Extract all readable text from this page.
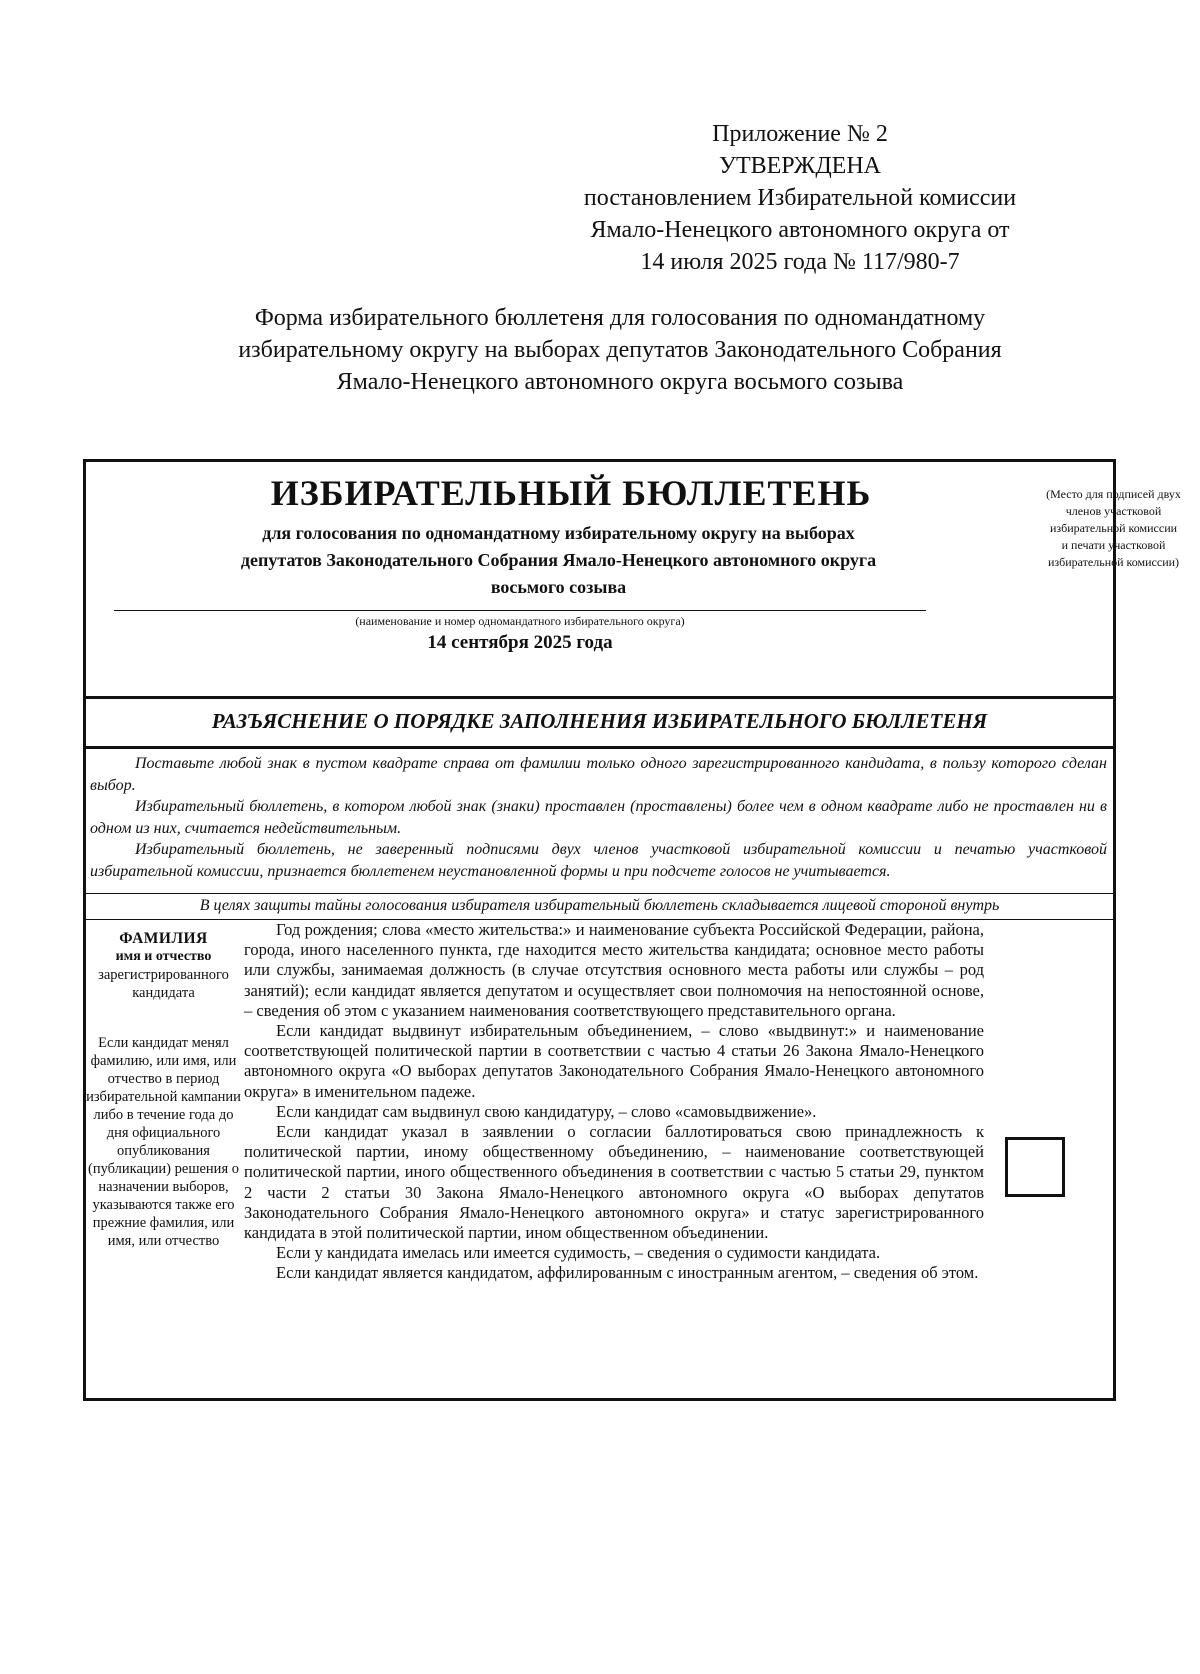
Приложение № 2
УТВЕРЖДЕНА
постановлением Избирательной комиссии
Ямало-Ненецкого автономного округа от
14 июля 2025 года № 117/980-7
Форма избирательного бюллетеня для голосования по одномандатному
избирательному округу на выборах депутатов Законодательного Собрания
Ямало-Ненецкого автономного округа восьмого созыва
ИЗБИРАТЕЛЬНЫЙ БЮЛЛЕТЕНЬ
для голосования по одномандатному избирательному округу на выборах
депутатов Законодательного Собрания Ямало-Ненецкого автономного округа
восьмого созыва
(Место для подписей двух
членов участковой
избирательной комиссии
и печати участковой
избирательной комиссии)
(наименование и номер одномандатного избирательного округа)
14 сентября 2025 года
РАЗЪЯСНЕНИЕ О ПОРЯДКЕ ЗАПОЛНЕНИЯ ИЗБИРАТЕЛЬНОГО БЮЛЛЕТЕНЯ

Поставьте любой знак в пустом квадрате справа от фамилии только одного зарегистрированного кандидата, в пользу которого сделан выбор.

Избирательный бюллетень, в котором любой знак (знаки) проставлен (проставлены) более чем в одном квадрате либо не проставлен ни в одном из них, считается недействительным.

Избирательный бюллетень, не заверенный подписями двух членов участковой избирательной комиссии и печатью участковой избирательной комиссии, признается бюллетенем неустановленной формы и при подсчете голосов не учитывается.

В целях защиты тайны голосования избирателя избирательный бюллетень складывается лицевой стороной внутрь
ФАМИЛИЯ
имя и отчество
зарегистрированного кандидата
Если кандидат менял фамилию, или имя, или отчество в период избирательной кампании либо в течение года до дня официального опубликования (публикации) решения о назначении выборов, указываются также его прежние фамилия, или имя, или отчество

Год рождения; слова «место жительства:» и наименование субъекта Российской Федерации, района, города, иного населенного пункта, где находится место жительства кандидата; основное место работы или службы, занимаемая должность (в случае отсутствия основного места работы или службы – род занятий); если кандидат является депутатом и осуществляет свои полномочия на непостоянной основе, – сведения об этом с указанием наименования соответствующего представительного органа.

Если кандидат выдвинут избирательным объединением, – слово «выдвинут:» и наименование соответствующей политической партии в соответствии с частью 4 статьи 26 Закона Ямало-Ненецкого автономного округа «О выборах депутатов Законодательного Собрания Ямало-Ненецкого автономного округа» в именительном падеже.

Если кандидат сам выдвинул свою кандидатуру, – слово «самовыдвижение».

Если кандидат указал в заявлении о согласии баллотироваться свою принадлежность к политической партии, иному общественному объединению, – наименование соответствующей политической партии, иного общественного объединения в соответствии с частью 5 статьи 29, пунктом 2 части 2 статьи 30 Закона Ямало-Ненецкого автономного округа «О выборах депутатов Законодательного Собрания Ямало-Ненецкого автономного округа» и статус зарегистрированного кандидата в этой политической партии, ином общественном объединении.

Если у кандидата имелась или имеется судимость, – сведения о судимости кандидата.

Если кандидат является кандидатом, аффилированным с иностранным агентом, – сведения об этом.
